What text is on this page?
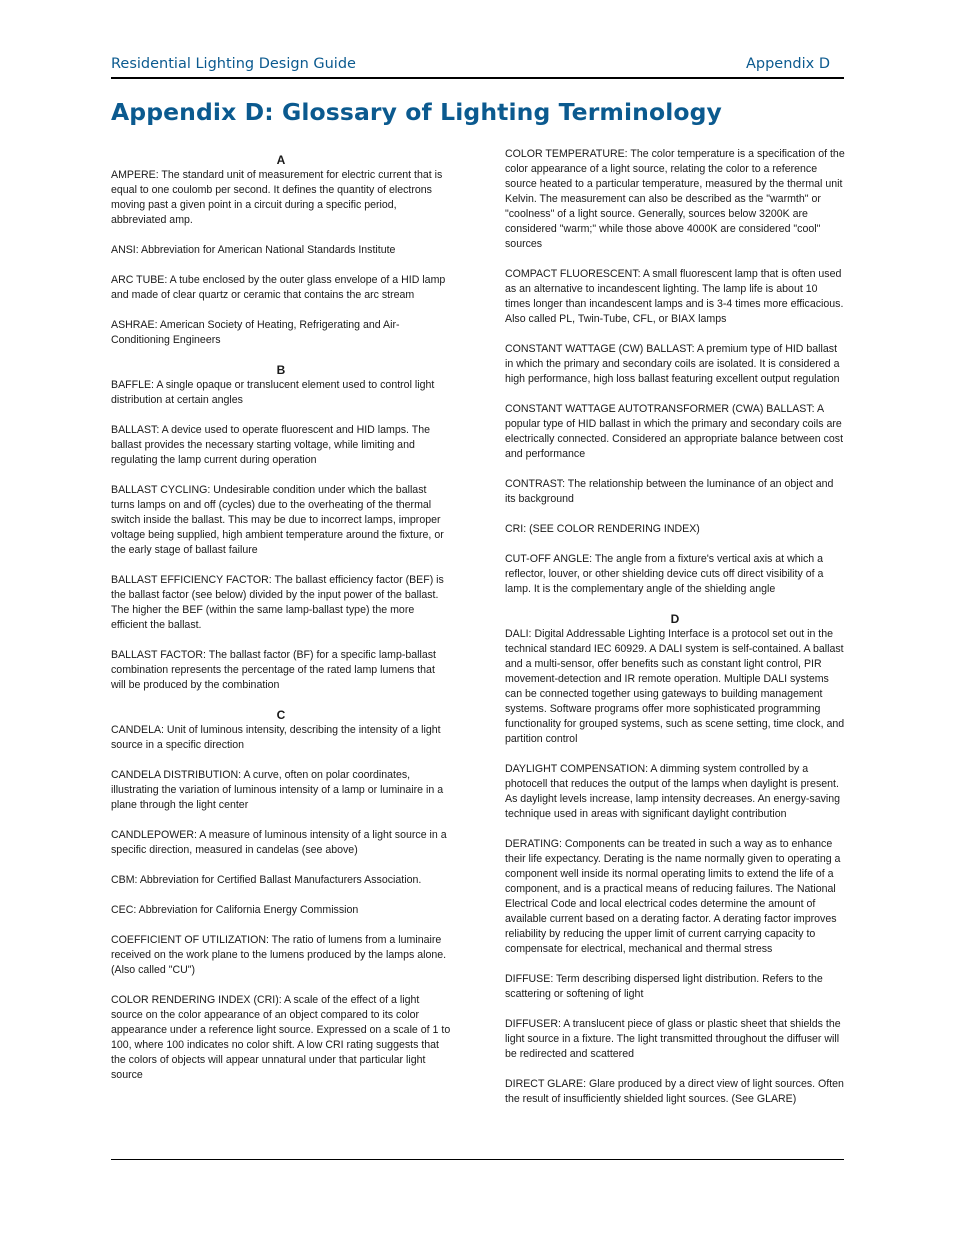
Residential Lighting Design Guide	Appendix D
Appendix D: Glossary of Lighting Terminology
A

AMPERE: The standard unit of measurement for electric current that is equal to one coulomb per second. It defines the quantity of electrons moving past a given point in a circuit during a specific period, abbreviated amp.

ANSI: Abbreviation for American National Standards Institute

ARC TUBE: A tube enclosed by the outer glass envelope of a HID lamp and made of clear quartz or ceramic that contains the arc stream

ASHRAE: American Society of Heating, Refrigerating and Air-Conditioning Engineers

B

BAFFLE: A single opaque or translucent element used to control light distribution at certain angles

BALLAST: A device used to operate fluorescent and HID lamps. The ballast provides the necessary starting voltage, while limiting and regulating the lamp current during operation

BALLAST CYCLING: Undesirable condition under which the ballast turns lamps on and off (cycles) due to the overheating of the thermal switch inside the ballast. This may be due to incorrect lamps, improper voltage being supplied, high ambient temperature around the fixture, or the early stage of ballast failure

BALLAST EFFICIENCY FACTOR: The ballast efficiency factor (BEF) is the ballast factor (see below) divided by the input power of the ballast. The higher the BEF (within the same lamp-ballast type) the more efficient the ballast.

BALLAST FACTOR: The ballast factor (BF) for a specific lamp-ballast combination represents the percentage of the rated lamp lumens that will be produced by the combination

C

CANDELA: Unit of luminous intensity, describing the intensity of a light source in a specific direction

CANDELA DISTRIBUTION: A curve, often on polar coordinates, illustrating the variation of luminous intensity of a lamp or luminaire in a plane through the light center

CANDLEPOWER: A measure of luminous intensity of a light source in a specific direction, measured in candelas (see above)

CBM: Abbreviation for Certified Ballast Manufacturers Association.

CEC: Abbreviation for California Energy Commission

COEFFICIENT OF UTILIZATION: The ratio of lumens from a luminaire received on the work plane to the lumens produced by the lamps alone. (Also called "CU")

COLOR RENDERING INDEX (CRI): A scale of the effect of a light source on the color appearance of an object compared to its color appearance under a reference light source. Expressed on a scale of 1 to 100, where 100 indicates no color shift. A low CRI rating suggests that the colors of objects will appear unnatural under that particular light source

COLOR TEMPERATURE: The color temperature is a specification of the color appearance of a light source, relating the color to a reference source heated to a particular temperature, measured by the thermal unit Kelvin. The measurement can also be described as the "warmth" or "coolness" of a light source. Generally, sources below 3200K are considered "warm;" while those above 4000K are considered "cool" sources

COMPACT FLUORESCENT: A small fluorescent lamp that is often used as an alternative to incandescent lighting. The lamp life is about 10 times longer than incandescent lamps and is 3-4 times more efficacious. Also called PL, Twin-Tube, CFL, or BIAX lamps

CONSTANT WATTAGE (CW) BALLAST: A premium type of HID ballast in which the primary and secondary coils are isolated. It is considered a high performance, high loss ballast featuring excellent output regulation

CONSTANT WATTAGE AUTOTRANSFORMER (CWA) BALLAST: A popular type of HID ballast in which the primary and secondary coils are electrically connected. Considered an appropriate balance between cost and performance

CONTRAST: The relationship between the luminance of an object and its background

CRI: (SEE COLOR RENDERING INDEX)

CUT-OFF ANGLE: The angle from a fixture's vertical axis at which a reflector, louver, or other shielding device cuts off direct visibility of a lamp. It is the complementary angle of the shielding angle

D

DALI: Digital Addressable Lighting Interface is a protocol set out in the technical standard IEC 60929. A DALI system is self-contained. A ballast and a multi-sensor, offer benefits such as constant light control, PIR movement-detection and IR remote operation. Multiple DALI systems can be connected together using gateways to building management systems. Software programs offer more sophisticated programming functionality for grouped systems, such as scene setting, time clock, and partition control

DAYLIGHT COMPENSATION: A dimming system controlled by a photocell that reduces the output of the lamps when daylight is present. As daylight levels increase, lamp intensity decreases. An energy-saving technique used in areas with significant daylight contribution

DERATING: Components can be treated in such a way as to enhance their life expectancy. Derating is the name normally given to operating a component well inside its normal operating limits to extend the life of a component, and is a practical means of reducing failures. The National Electrical Code and local electrical codes determine the amount of available current based on a derating factor. A derating factor improves reliability by reducing the upper limit of current carrying capacity to compensate for electrical, mechanical and thermal stress

DIFFUSE: Term describing dispersed light distribution. Refers to the scattering or softening of light

DIFFUSER: A translucent piece of glass or plastic sheet that shields the light source in a fixture. The light transmitted throughout the diffuser will be redirected and scattered

DIRECT GLARE: Glare produced by a direct view of light sources. Often the result of insufficiently shielded light sources. (See GLARE)
